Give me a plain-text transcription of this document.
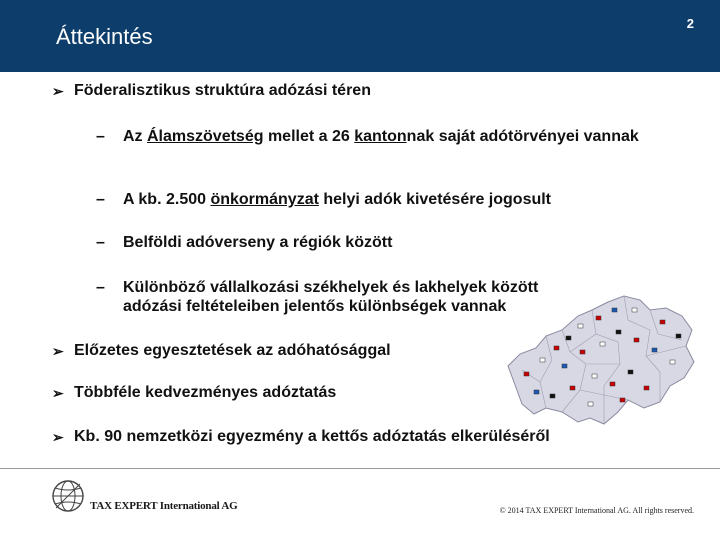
Áttekintés
2
➢ Föderalisztikus struktúra adózási téren
–	Az Álamszövetség mellet a 26 kantonnak saját adótörvényei vannak
–	A kb. 2.500 önkormányzat helyi adók kivetésére jogosult
–	Belföldi adóverseny a régiók között
–	Különböző vállalkozási székhelyek és lakhelyek között adózási feltételeiben jelentős különbségek vannak
➢ Előzetes egyesztetések az adóhatósággal
➢ Többféle kedvezményes adóztatás
➢ Kb. 90 nemzetközi egyezmény a kettős adóztatás elkerüléséről
TAX EXPERT International AG	© 2014 TAX EXPERT International AG. All rights reserved.
